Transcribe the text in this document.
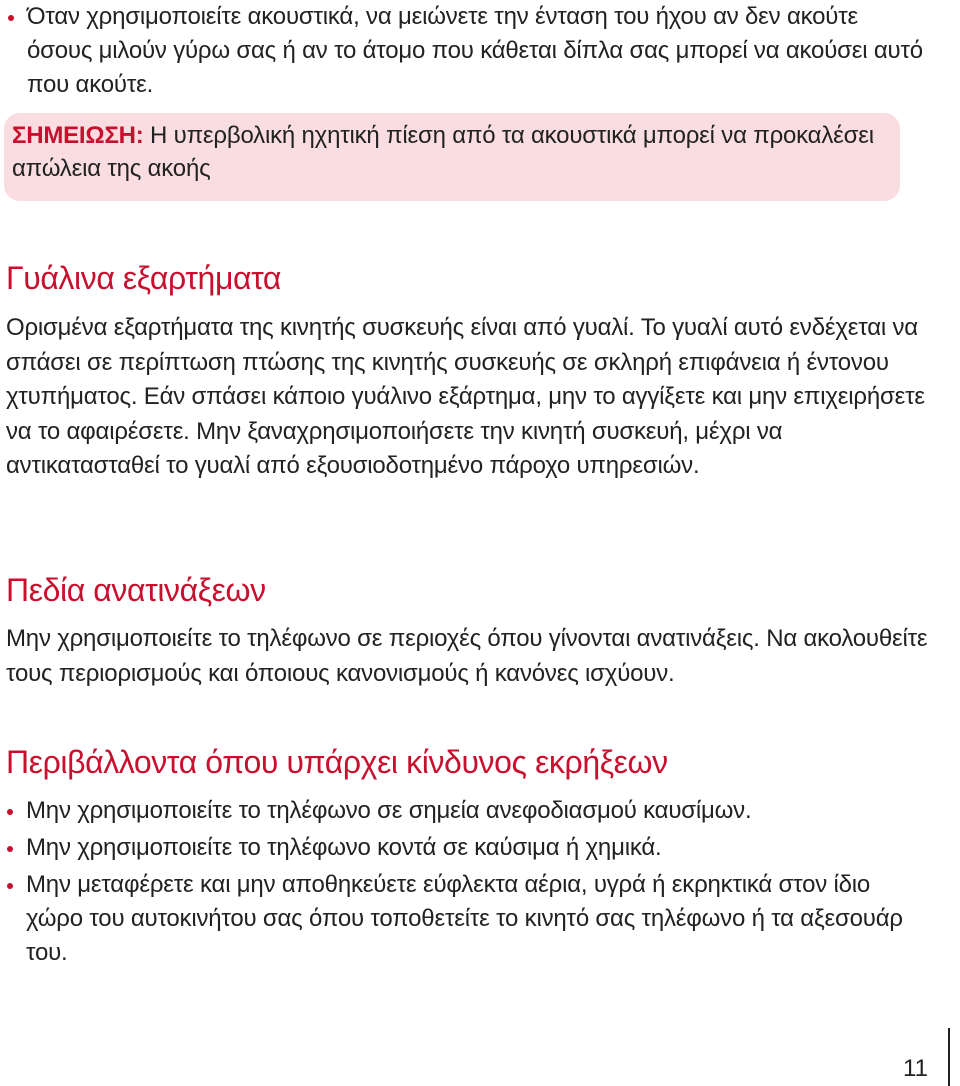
Όταν χρησιμοποιείτε ακουστικά, να μειώνετε την ένταση του ήχου αν δεν ακούτε όσους μιλούν γύρω σας ή αν το άτομο που κάθεται δίπλα σας μπορεί να ακούσει αυτό που ακούτε.
ΣΗΜΕΙΩΣΗ: Η υπερβολική ηχητική πίεση από τα ακουστικά μπορεί να προκαλέσει απώλεια της ακοής
Γυάλινα εξαρτήματα

Ορισμένα εξαρτήματα της κινητής συσκευής είναι από γυαλί. Το γυαλί αυτό ενδέχεται να σπάσει σε περίπτωση πτώσης της κινητής συσκευής σε σκληρή επιφάνεια ή έντονου χτυπήματος. Εάν σπάσει κάποιο γυάλινο εξάρτημα, μην το αγγίξετε και μην επιχειρήσετε να το αφαιρέσετε. Μην ξαναχρησιμοποιήσετε την κινητή συσκευή, μέχρι να αντικατασταθεί το γυαλί από εξουσιοδοτημένο πάροχο υπηρεσιών.

Πεδία ανατινάξεων

Μην χρησιμοποιείτε το τηλέφωνο σε περιοχές όπου γίνονται ανατινάξεις. Να ακολουθείτε τους περιορισμούς και όποιους κανονισμούς ή κανόνες ισχύουν.

Περιβάλλοντα όπου υπάρχει κίνδυνος εκρήξεων
Μην χρησιμοποιείτε το τηλέφωνο σε σημεία ανεφοδιασμού καυσίμων.
Μην χρησιμοποιείτε το τηλέφωνο κοντά σε καύσιμα ή χημικά.
Μην μεταφέρετε και μην αποθηκεύετε εύφλεκτα αέρια, υγρά ή εκρηκτικά στον ίδιο χώρο του αυτοκινήτου σας όπου τοποθετείτε το κινητό σας τηλέφωνο ή τα αξεσουάρ του.
11
